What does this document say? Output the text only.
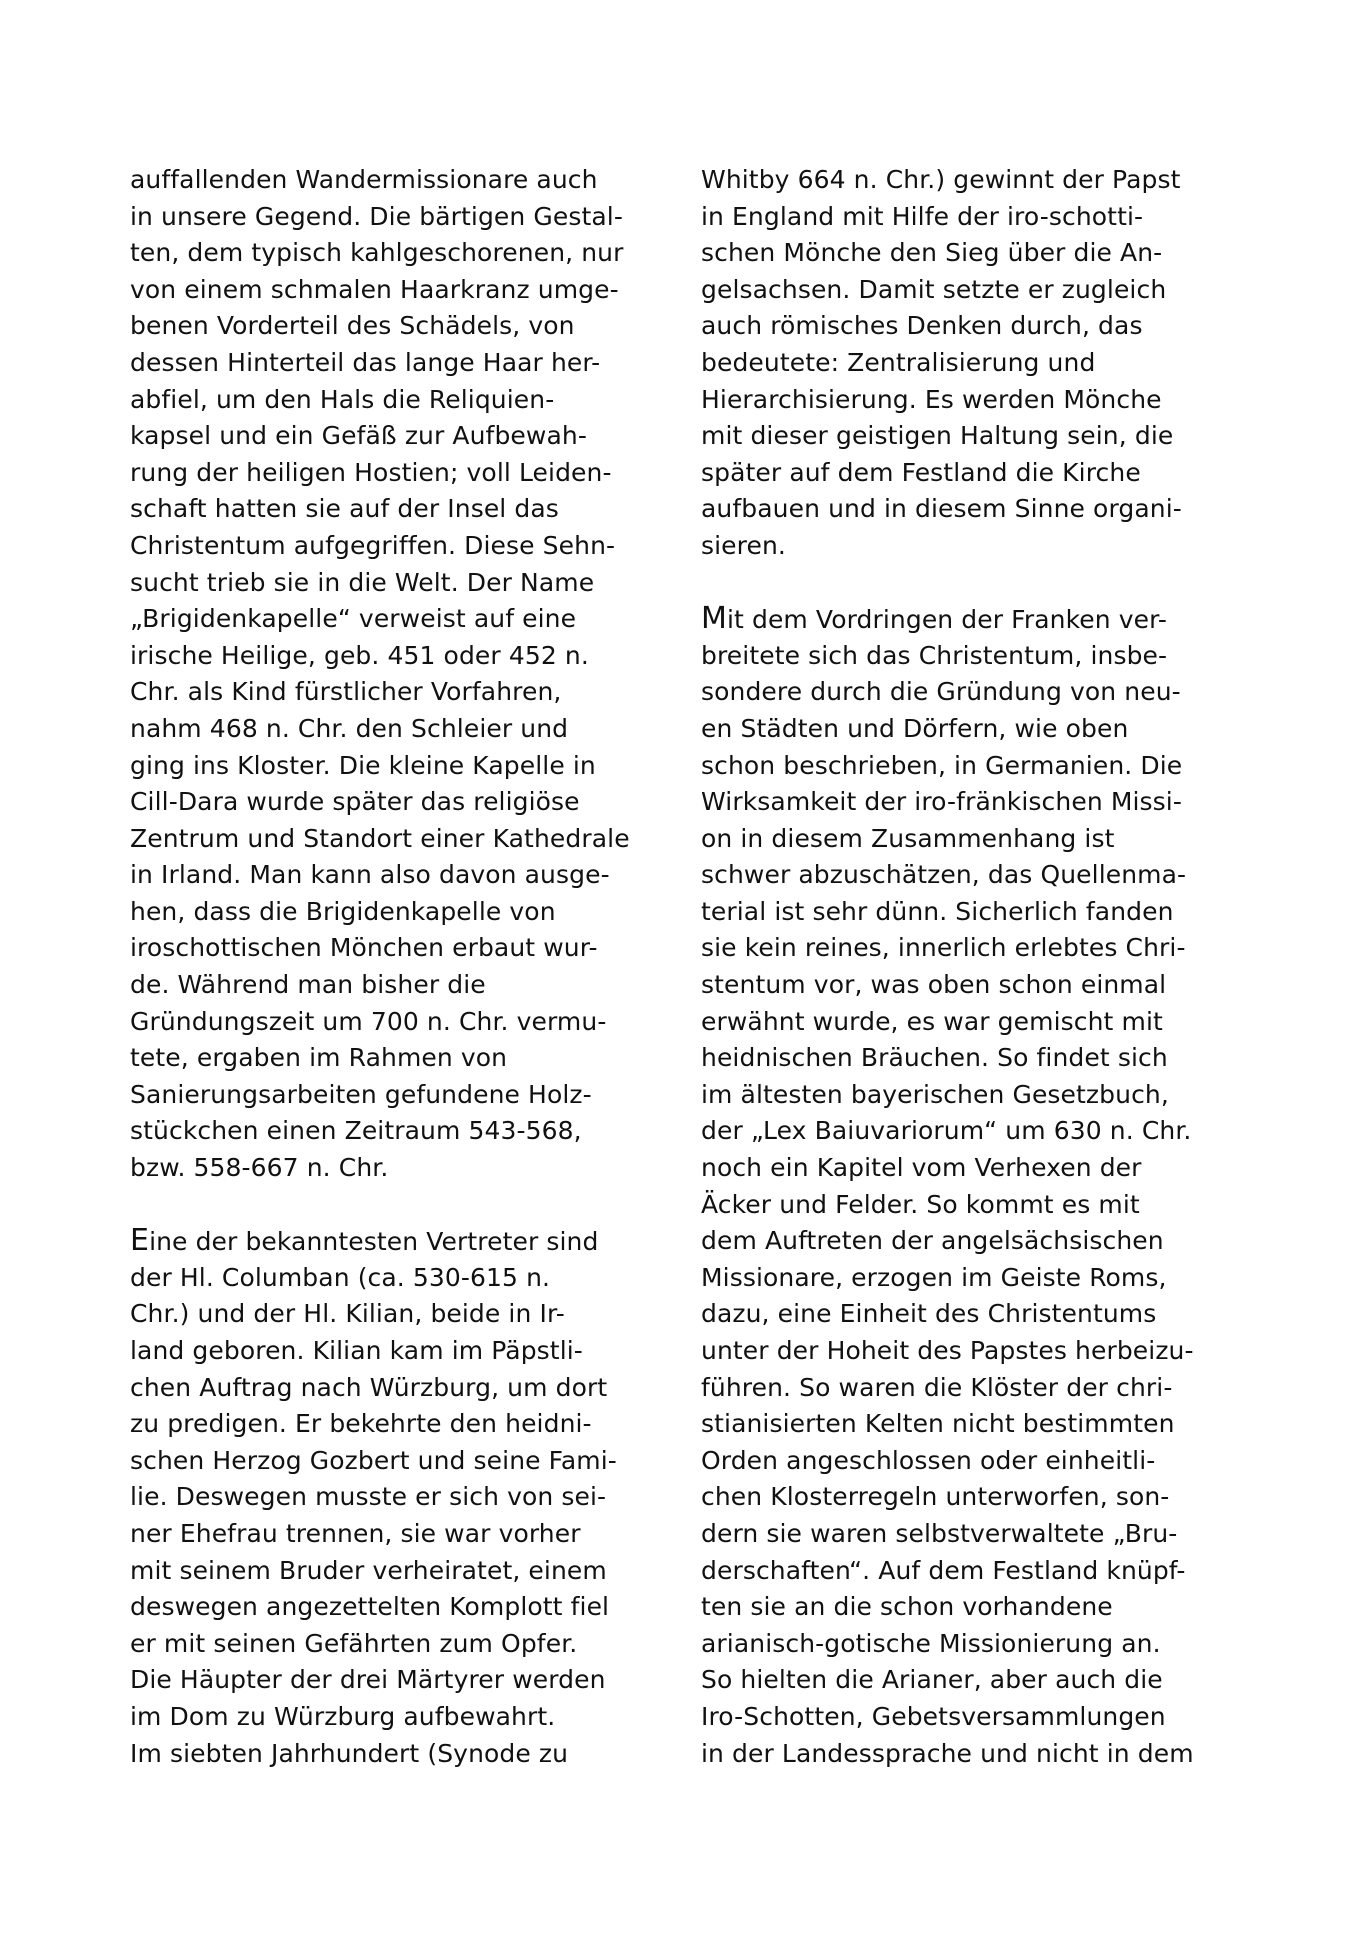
auffallenden Wandermissionare auch
in unsere Gegend. Die bärtigen Gestal-
ten, dem typisch kahlgeschorenen, nur
von einem schmalen Haarkranz umge-
benen Vorderteil des Schädels, von
dessen Hinterteil das lange Haar her-
abfiel, um den Hals die Reliquien-
kapsel und ein Gefäß zur Aufbewah-
rung der heiligen Hostien; voll Leiden-
schaft hatten sie auf der Insel das
Christentum aufgegriffen. Diese Sehn-
sucht trieb sie in die Welt. Der Name
„Brigidenkapelle“ verweist auf eine
irische Heilige, geb. 451 oder 452 n.
Chr. als Kind fürstlicher Vorfahren,
nahm 468 n. Chr. den Schleier und
ging ins Kloster. Die kleine Kapelle in
Cill-Dara wurde später das religiöse
Zentrum und Standort einer Kathedrale
in Irland. Man kann also davon ausge-
hen, dass die Brigidenkapelle von
iroschottischen Mönchen erbaut wur-
de. Während man bisher die
Gründungszeit um 700 n. Chr. vermu-
tete, ergaben im Rahmen von
Sanierungsarbeiten gefundene Holz-
stückchen einen Zeitraum 543-568,
bzw. 558-667 n. Chr.
Eine der bekanntesten Vertreter sind
der Hl. Columban (ca. 530-615 n.
Chr.) und der Hl. Kilian, beide in Ir-
land geboren. Kilian kam im Päpstli-
chen Auftrag nach Würzburg, um dort
zu predigen. Er bekehrte den heidni-
schen Herzog Gozbert und seine Fami-
lie. Deswegen musste er sich von sei-
ner Ehefrau trennen, sie war vorher
mit seinem Bruder verheiratet, einem
deswegen angezettelten Komplott fiel
er mit seinen Gefährten zum Opfer.
Die Häupter der drei Märtyrer werden
im Dom zu Würzburg aufbewahrt.
Im siebten Jahrhundert (Synode zu
Whitby 664 n. Chr.) gewinnt der Papst
in England mit Hilfe der iro-schotti-
schen Mönche den Sieg über die An-
gelsachsen. Damit setzte er zugleich
auch römisches Denken durch, das
bedeutete: Zentralisierung und
Hierarchisierung. Es werden Mönche
mit dieser geistigen Haltung sein, die
später auf dem Festland die Kirche
aufbauen und in diesem Sinne organi-
sieren.
Mit dem Vordringen der Franken ver-
breitete sich das Christentum, insbe-
sondere durch die Gründung von neu-
en Städten und Dörfern, wie oben
schon beschrieben, in Germanien. Die
Wirksamkeit der iro-fränkischen Missi-
on in diesem Zusammenhang ist
schwer abzuschätzen, das Quellenma-
terial ist sehr dünn. Sicherlich fanden
sie kein reines, innerlich erlebtes Chri-
stentum vor, was oben schon einmal
erwähnt wurde, es war gemischt mit
heidnischen Bräuchen. So findet sich
im ältesten bayerischen Gesetzbuch,
der „Lex Baiuvariorum“ um 630 n. Chr.
noch ein Kapitel vom Verhexen der
Äcker und Felder. So kommt es mit
dem Auftreten der angelsächsischen
Missionare, erzogen im Geiste Roms,
dazu, eine Einheit des Christentums
unter der Hoheit des Papstes herbeizu-
führen. So waren die Klöster der chri-
stianisierten Kelten nicht bestimmten
Orden angeschlossen oder einheitli-
chen Klosterregeln unterworfen, son-
dern sie waren selbstverwaltete „Bru-
derschaften“. Auf dem Festland knüpf-
ten sie an die schon vorhandene
arianisch-gotische Missionierung an.
So hielten die Arianer, aber auch die
Iro-Schotten, Gebetsversammlungen
in der Landessprache und nicht in dem
